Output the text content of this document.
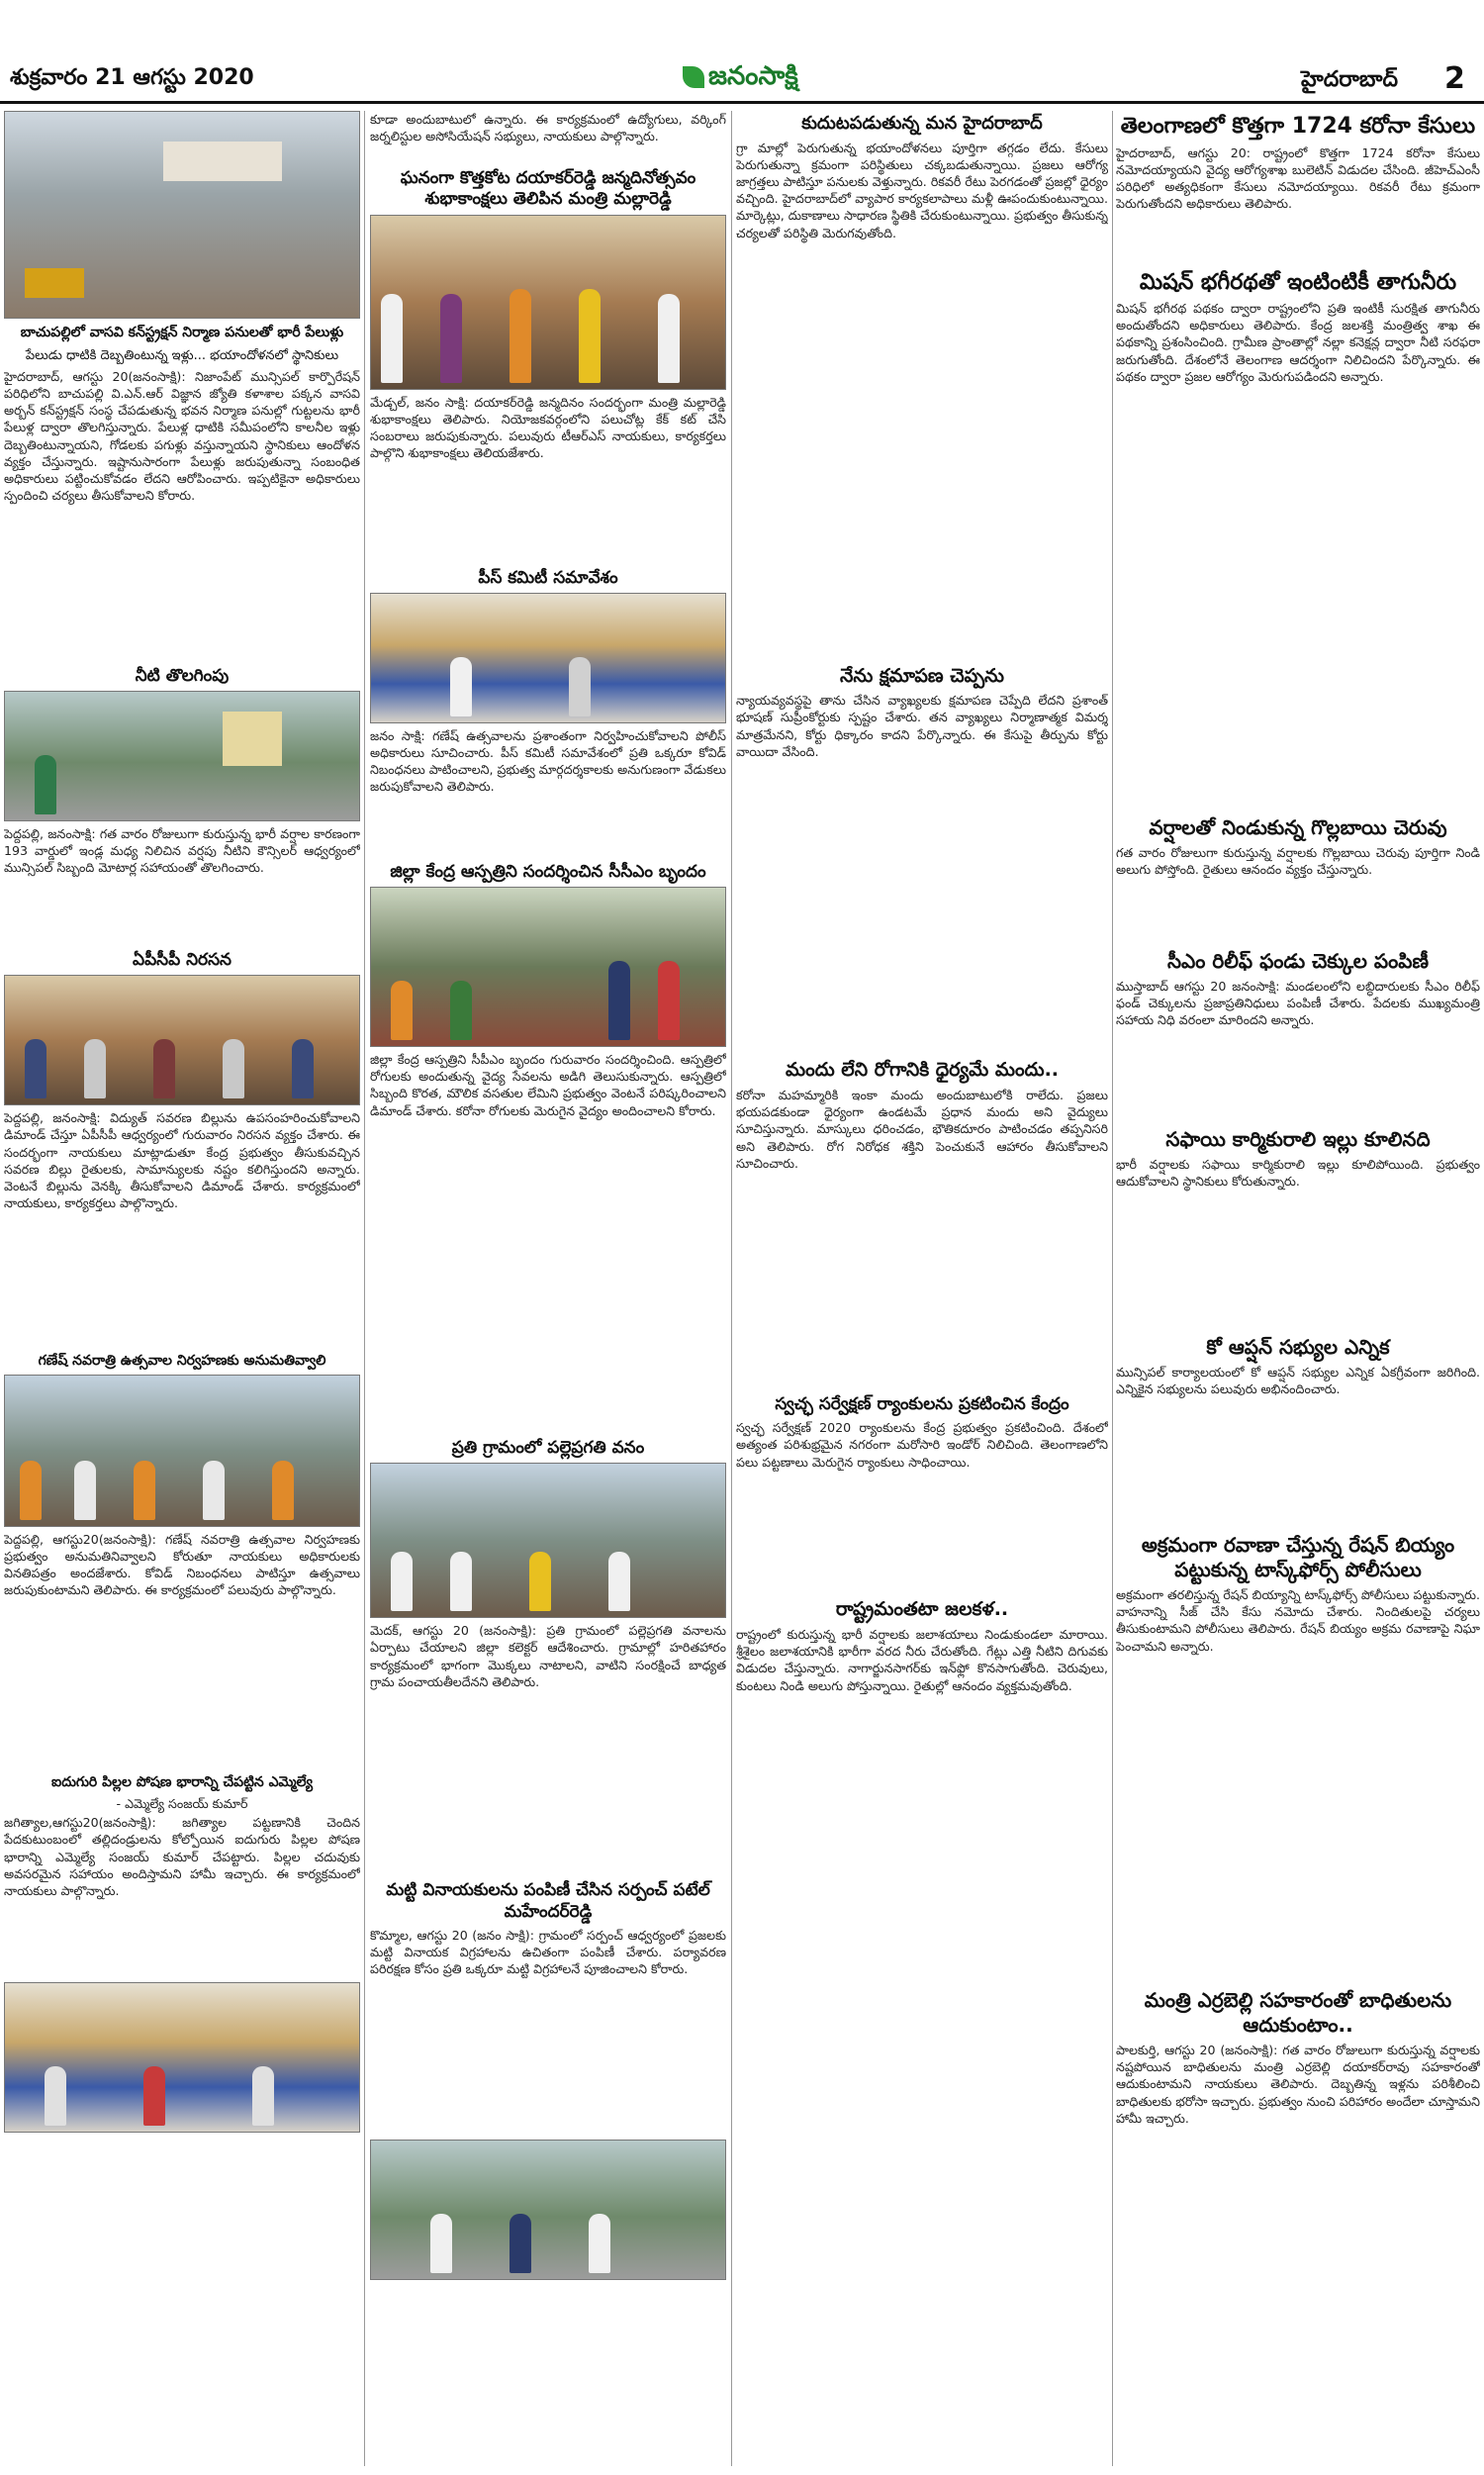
శుక్రవారం 21 ఆగస్టు 2020	జనంసాక్షి	హైదరాబాద్ 2
బాచుపల్లిలో వాసవి కన్‌స్ట్రక్షన్ నిర్మాణ పనులతో భారీ పేలుళ్లు
పేలుడు ధాటికి దెబ్బతింటున్న ఇళ్లు... భయాందోళనలో స్థానికులు

హైదరాబాద్, ఆగస్టు 20(జనంసాక్షి): నిజాంపేట్ మున్సిపల్ కార్పొరేషన్ పరిధిలోని బాచుపల్లి వి.ఎన్.ఆర్ విజ్ఞాన జ్యోతి కళాశాల పక్కన వాసవి అర్బన్ కన్‌స్ట్రక్షన్ సంస్థ చేపడుతున్న భవన నిర్మాణ పనుల్లో గుట్టలను భారీ పేలుళ్ల ద్వారా తొలగిస్తున్నారు. పేలుళ్ల ధాటికి సమీపంలోని కాలనీల ఇళ్లు దెబ్బతింటున్నాయని, గోడలకు పగుళ్లు వస్తున్నాయని స్థానికులు ఆందోళన వ్యక్తం చేస్తున్నారు. ఇష్టానుసారంగా పేలుళ్లు జరుపుతున్నా సంబంధిత అధికారులు పట్టించుకోవడం లేదని ఆరోపించారు. ఇప్పటికైనా అధికారులు స్పందించి చర్యలు తీసుకోవాలని కోరారు.

నీటి తొలగింపు

పెద్దపల్లి, జనంసాక్షి: గత వారం రోజులుగా కురుస్తున్న భారీ వర్షాల కారణంగా 193 వార్డులో ఇండ్ల మధ్య నిలిచిన వర్షపు నీటిని కౌన్సిలర్ ఆధ్వర్యంలో మున్సిపల్ సిబ్బంది మోటార్ల సహాయంతో తొలగించారు.

ఏపీసీపీ నిరసన

పెద్దపల్లి, జనంసాక్షి: విద్యుత్ సవరణ బిల్లును ఉపసంహరించుకోవాలని డిమాండ్ చేస్తూ ఏపీసీపీ ఆధ్వర్యంలో గురువారం నిరసన వ్యక్తం చేశారు. ఈ సందర్భంగా నాయకులు మాట్లాడుతూ కేంద్ర ప్రభుత్వం తీసుకువచ్చిన సవరణ బిల్లు రైతులకు, సామాన్యులకు నష్టం కలిగిస్తుందని అన్నారు. వెంటనే బిల్లును వెనక్కి తీసుకోవాలని డిమాండ్ చేశారు. కార్యక్రమంలో నాయకులు, కార్యకర్తలు పాల్గొన్నారు.

గణేష్ నవరాత్రి ఉత్సవాల నిర్వహణకు అనుమతివ్వాలి

పెద్దపల్లి, ఆగస్టు20(జనంసాక్షి): గణేష్ నవరాత్రి ఉత్సవాల నిర్వహణకు ప్రభుత్వం అనుమతినివ్వాలని కోరుతూ నాయకులు అధికారులకు వినతిపత్రం అందజేశారు. కోవిడ్ నిబంధనలు పాటిస్తూ ఉత్సవాలు జరుపుకుంటామని తెలిపారు. ఈ కార్యక్రమంలో పలువురు పాల్గొన్నారు.

ఐదుగురి పిల్లల పోషణ భారాన్ని చేపట్టిన ఎమ్మెల్యే
- ఎమ్మెల్యే సంజయ్ కుమార్

జగిత్యాల,ఆగస్టు20(జనంసాక్షి): జగిత్యాల పట్టణానికి చెందిన పేదకుటుంబంలో తల్లిదండ్రులను కోల్పోయిన ఐదుగురు పిల్లల పోషణ భారాన్ని ఎమ్మెల్యే సంజయ్ కుమార్ చేపట్టారు. పిల్లల చదువుకు అవసరమైన సహాయం అందిస్తామని హామీ ఇచ్చారు. ఈ కార్యక్రమంలో నాయకులు పాల్గొన్నారు.

కూడా అందుబాటులో ఉన్నారు. ఈ కార్యక్రమంలో ఉద్యోగులు, వర్కింగ్ జర్నలిస్టుల అసోసియేషన్ సభ్యులు, నాయకులు పాల్గొన్నారు.

ఘనంగా కొత్తకోట దయాకర్‌రెడ్డి జన్మదినోత్సవం శుభాకాంక్షలు తెలిపిన మంత్రి మల్లారెడ్డి

మేడ్చల్, జనం సాక్షి: దయాకర్‌రెడ్డి జన్మదినం సందర్భంగా మంత్రి మల్లారెడ్డి శుభాకాంక్షలు తెలిపారు. నియోజకవర్గంలోని పలుచోట్ల కేక్ కట్ చేసి సంబరాలు జరుపుకున్నారు. పలువురు టీఆర్ఎస్ నాయకులు, కార్యకర్తలు పాల్గొని శుభాకాంక్షలు తెలియజేశారు.

పీస్ కమిటీ సమావేశం

జనం సాక్షి: గణేష్ ఉత్సవాలను ప్రశాంతంగా నిర్వహించుకోవాలని పోలీస్ అధికారులు సూచించారు. పీస్ కమిటీ సమావేశంలో ప్రతి ఒక్కరూ కోవిడ్ నిబంధనలు పాటించాలని, ప్రభుత్వ మార్గదర్శకాలకు అనుగుణంగా వేడుకలు జరుపుకోవాలని తెలిపారు.

జిల్లా కేంద్ర ఆస్పత్రిని సందర్శించిన సీసీఎం బృందం

జిల్లా కేంద్ర ఆస్పత్రిని సీపీఎం బృందం గురువారం సందర్శించింది. ఆస్పత్రిలో రోగులకు అందుతున్న వైద్య సేవలను అడిగి తెలుసుకున్నారు. ఆస్పత్రిలో సిబ్బంది కొరత, మౌలిక వసతుల లేమిని ప్రభుత్వం వెంటనే పరిష్కరించాలని డిమాండ్ చేశారు. కరోనా రోగులకు మెరుగైన వైద్యం అందించాలని కోరారు.

ప్రతి గ్రామంలో పల్లెప్రగతి వనం

మెదక్, ఆగస్టు 20 (జనంసాక్షి): ప్రతి గ్రామంలో పల్లెప్రగతి వనాలను ఏర్పాటు చేయాలని జిల్లా కలెక్టర్ ఆదేశించారు. గ్రామాల్లో హరితహారం కార్యక్రమంలో భాగంగా మొక్కలు నాటాలని, వాటిని సంరక్షించే బాధ్యత గ్రామ పంచాయతీలదేనని తెలిపారు.

మట్టి వినాయకులను పంపిణీ చేసిన సర్పంచ్ పటేల్ మహేందర్‌రెడ్డి

కొమ్మాల, ఆగస్టు 20 (జనం సాక్షి): గ్రామంలో సర్పంచ్ ఆధ్వర్యంలో ప్రజలకు మట్టి వినాయక విగ్రహాలను ఉచితంగా పంపిణీ చేశారు. పర్యావరణ పరిరక్షణ కోసం ప్రతి ఒక్కరూ మట్టి విగ్రహాలనే పూజించాలని కోరారు.

కుదుటపడుతున్న మన హైదరాబాద్

గ్రా మాల్లో పెరుగుతున్న భయాందోళనలు పూర్తిగా తగ్గడం లేదు. కేసులు పెరుగుతున్నా క్రమంగా పరిస్థితులు చక్కబడుతున్నాయి. ప్రజలు ఆరోగ్య జాగ్రత్తలు పాటిస్తూ పనులకు వెళ్తున్నారు. రికవరీ రేటు పెరగడంతో ప్రజల్లో ధైర్యం వచ్చింది. హైదరాబాద్‌లో వ్యాపార కార్యకలాపాలు మళ్లీ ఊపందుకుంటున్నాయి. మార్కెట్లు, దుకాణాలు సాధారణ స్థితికి చేరుకుంటున్నాయి. ప్రభుత్వం తీసుకున్న చర్యలతో పరిస్థితి మెరుగవుతోంది.

నేను క్షమాపణ చెప్పను

న్యాయవ్యవస్థపై తాను చేసిన వ్యాఖ్యలకు క్షమాపణ చెప్పేది లేదని ప్రశాంత్ భూషణ్ సుప్రీంకోర్టుకు స్పష్టం చేశారు. తన వ్యాఖ్యలు నిర్మాణాత్మక విమర్శ మాత్రమేనని, కోర్టు ధిక్కారం కాదని పేర్కొన్నారు. ఈ కేసుపై తీర్పును కోర్టు వాయిదా వేసింది.

మందు లేని రోగానికి ధైర్యమే మందు..

కరోనా మహమ్మారికి ఇంకా మందు అందుబాటులోకి రాలేదు. ప్రజలు భయపడకుండా ధైర్యంగా ఉండటమే ప్రధాన మందు అని వైద్యులు సూచిస్తున్నారు. మాస్కులు ధరించడం, భౌతికదూరం పాటించడం తప్పనిసరి అని తెలిపారు. రోగ నిరోధక శక్తిని పెంచుకునే ఆహారం తీసుకోవాలని సూచించారు.

స్వచ్ఛ సర్వేక్షణ్ ర్యాంకులను ప్రకటించిన కేంద్రం

స్వచ్ఛ సర్వేక్షణ్ 2020 ర్యాంకులను కేంద్ర ప్రభుత్వం ప్రకటించింది. దేశంలో అత్యంత పరిశుభ్రమైన నగరంగా మరోసారి ఇండోర్ నిలిచింది. తెలంగాణలోని పలు పట్టణాలు మెరుగైన ర్యాంకులు సాధించాయి.

రాష్ట్రమంతటా జలకళ..

రాష్ట్రంలో కురుస్తున్న భారీ వర్షాలకు జలాశయాలు నిండుకుండలా మారాయి. శ్రీశైలం జలాశయానికి భారీగా వరద నీరు చేరుతోంది. గేట్లు ఎత్తి నీటిని దిగువకు విడుదల చేస్తున్నారు. నాగార్జునసాగర్‌కు ఇన్‌ఫ్లో కొనసాగుతోంది. చెరువులు, కుంటలు నిండి అలుగు పోస్తున్నాయి. రైతుల్లో ఆనందం వ్యక్తమవుతోంది.

తెలంగాణలో కొత్తగా 1724 కరోనా కేసులు

హైదరాబాద్, ఆగస్టు 20: రాష్ట్రంలో కొత్తగా 1724 కరోనా కేసులు నమోదయ్యాయని వైద్య ఆరోగ్యశాఖ బులెటిన్ విడుదల చేసింది. జీహెచ్ఎంసీ పరిధిలో అత్యధికంగా కేసులు నమోదయ్యాయి. రికవరీ రేటు క్రమంగా పెరుగుతోందని అధికారులు తెలిపారు.

మిషన్ భగీరథతో ఇంటింటికీ తాగునీరు

మిషన్ భగీరథ పథకం ద్వారా రాష్ట్రంలోని ప్రతి ఇంటికీ సురక్షిత తాగునీరు అందుతోందని అధికారులు తెలిపారు. కేంద్ర జలశక్తి మంత్రిత్వ శాఖ ఈ పథకాన్ని ప్రశంసించింది. గ్రామీణ ప్రాంతాల్లో నల్లా కనెక్షన్ల ద్వారా నీటి సరఫరా జరుగుతోంది. దేశంలోనే తెలంగాణ ఆదర్శంగా నిలిచిందని పేర్కొన్నారు. ఈ పథకం ద్వారా ప్రజల ఆరోగ్యం మెరుగుపడిందని అన్నారు.

వర్షాలతో నిండుకున్న గొల్లబాయి చెరువు

గత వారం రోజులుగా కురుస్తున్న వర్షాలకు గొల్లబాయి చెరువు పూర్తిగా నిండి అలుగు పోస్తోంది. రైతులు ఆనందం వ్యక్తం చేస్తున్నారు.

సీఎం రిలీఫ్ ఫండు చెక్కుల పంపిణీ

ముస్తాబాద్ ఆగస్టు 20 జనంసాక్షి: మండలంలోని లబ్ధిదారులకు సీఎం రిలీఫ్ ఫండ్ చెక్కులను ప్రజాప్రతినిధులు పంపిణీ చేశారు. పేదలకు ముఖ్యమంత్రి సహాయ నిధి వరంలా మారిందని అన్నారు.

సఫాయి కార్మికురాలి ఇల్లు కూలినది

భారీ వర్షాలకు సఫాయి కార్మికురాలి ఇల్లు కూలిపోయింది. ప్రభుత్వం ఆదుకోవాలని స్థానికులు కోరుతున్నారు.

కో ఆప్షన్ సభ్యుల ఎన్నిక

మున్సిపల్ కార్యాలయంలో కో ఆప్షన్ సభ్యుల ఎన్నిక ఏకగ్రీవంగా జరిగింది. ఎన్నికైన సభ్యులను పలువురు అభినందించారు.

అక్రమంగా రవాణా చేస్తున్న రేషన్ బియ్యం పట్టుకున్న టాస్క్‌ఫోర్స్ పోలీసులు

అక్రమంగా తరలిస్తున్న రేషన్ బియ్యాన్ని టాస్క్‌ఫోర్స్ పోలీసులు పట్టుకున్నారు. వాహనాన్ని సీజ్ చేసి కేసు నమోదు చేశారు. నిందితులపై చర్యలు తీసుకుంటామని పోలీసులు తెలిపారు. రేషన్ బియ్యం అక్రమ రవాణాపై నిఘా పెంచామని అన్నారు.

మంత్రి ఎర్రబెల్లి సహకారంతో బాధితులను ఆదుకుంటాం..

పాలకుర్తి, ఆగస్టు 20 (జనంసాక్షి): గత వారం రోజులుగా కురుస్తున్న వర్షాలకు నష్టపోయిన బాధితులను మంత్రి ఎర్రబెల్లి దయాకర్‌రావు సహకారంతో ఆదుకుంటామని నాయకులు తెలిపారు. దెబ్బతిన్న ఇళ్లను పరిశీలించి బాధితులకు భరోసా ఇచ్చారు. ప్రభుత్వం నుంచి పరిహారం అందేలా చూస్తామని హామీ ఇచ్చారు.
